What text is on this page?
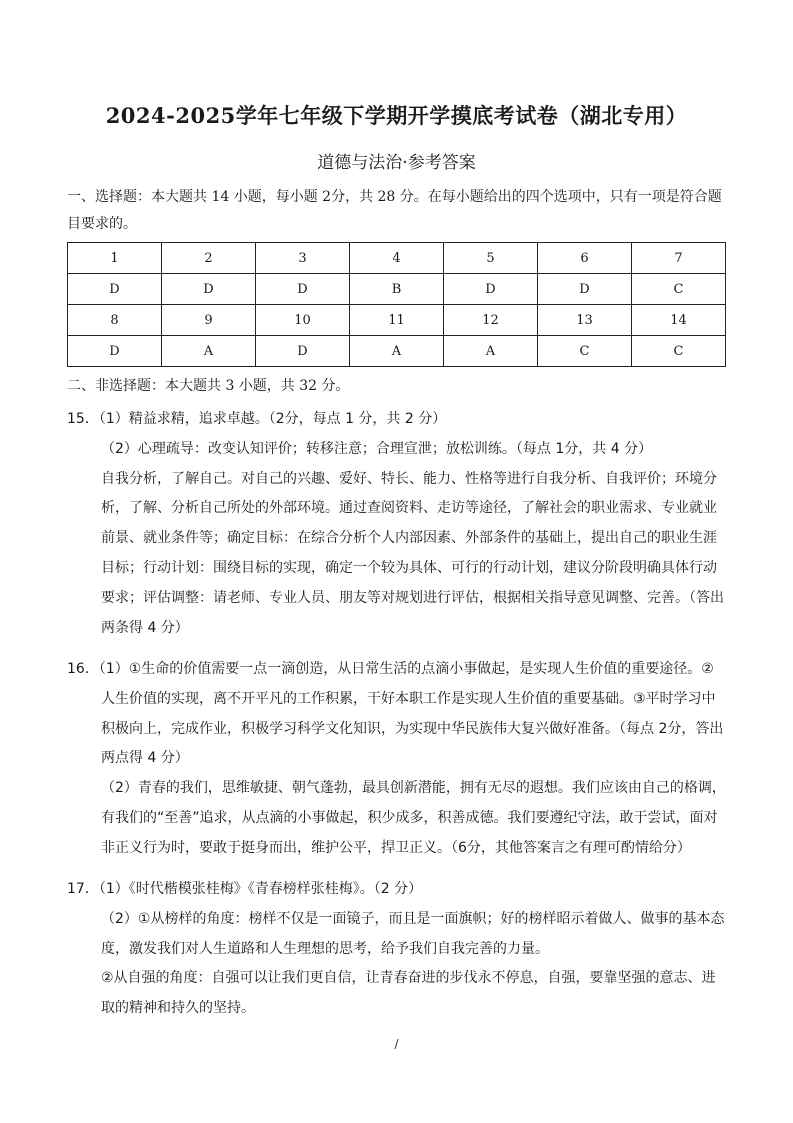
2024-2025学年七年级下学期开学摸底考试卷（湖北专用）
道德与法治·参考答案
一、选择题：本大题共 14 小题，每小题 2分，共 28 分。在每小题给出的四个选项中，只有一项是符合题目要求的。
1	2	3	4	5	6	7
D	D	D	B	D	D	C
8	9	10	11	12	13	14
D	A	D	A	A	C	C
二、非选择题：本大题共 3 小题，共 32 分。

15．（1）精益求精，追求卓越。（2分，每点 1 分，共 2 分）

（2）心理疏导：改变认知评价；转移注意；合理宣泄；放松训练。（每点 1分，共 4 分）

自我分析，了解自己。对自己的兴趣、爱好、特长、能力、性格等进行自我分析、自我评价；环境分析，了解、分析自己所处的外部环境。通过查阅资料、走访等途径，了解社会的职业需求、专业就业前景、就业条件等；确定目标：在综合分析个人内部因素、外部条件的基础上，提出自己的职业生涯目标；行动计划：围绕目标的实现，确定一个较为具体、可行的行动计划，建议分阶段明确具体行动要求；评估调整：请老师、专业人员、朋友等对规划进行评估，根据相关指导意见调整、完善。（答出两条得 4 分）

16．（1）①生命的价值需要一点一滴创造，从日常生活的点滴小事做起，是实现人生价值的重要途径。②人生价值的实现，离不开平凡的工作积累，干好本职工作是实现人生价值的重要基础。③平时学习中积极向上，完成作业，积极学习科学文化知识，为实现中华民族伟大复兴做好准备。（每点 2分，答出两点得 4 分）

（2）青春的我们，思维敏捷、朝气蓬勃，最具创新潜能，拥有无尽的遐想。我们应该由自己的格调，有我们的“至善”追求，从点滴的小事做起，积少成多，积善成德。我们要遵纪守法，敢于尝试，面对非正义行为时，要敢于挺身而出，维护公平，捍卫正义。（6分，其他答案言之有理可酌情给分）

17．（1）《时代楷模张桂梅》《青春榜样张桂梅》。（2 分）

（2）①从榜样的角度：榜样不仅是一面镜子，而且是一面旗帜；好的榜样昭示着做人、做事的基本态度，激发我们对人生道路和人生理想的思考，给予我们自我完善的力量。

②从自强的角度：自强可以让我们更自信，让青春奋进的步伐永不停息，自强，要靠坚强的意志、进取的精神和持久的坚持。

/
